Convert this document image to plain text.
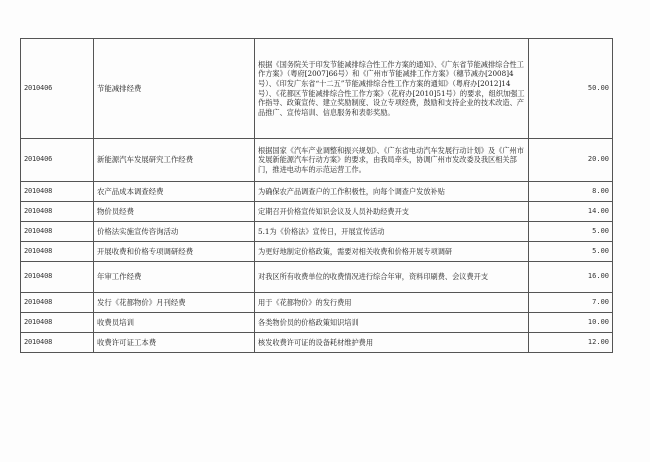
2010406	节能减排经费	根据《国务院关于印发节能减排综合性工作方案的通知》、《广东省节能减排综合性工作方案》（粤府[2007]66号）和《广州市节能减排工作方案》（穗节减办[2008]4号）、《印发广东省“十二五”节能减排综合性工作方案的通知》（粤府办[2012]14号）、《花都区节能减排综合性工作方案》（花府办[2010]51号）的要求，组织加强工作指导、政策宣传、建立奖励制度、设立专项经费，鼓励和支持企业的技术改造、产品推广、宣传培训、信息服务和表彰奖励。	50.00
2010406	新能源汽车发展研究工作经费	根据国家《汽车产业调整和振兴规划》、《广东省电动汽车发展行动计划》及《广州市发展新能源汽车行动方案》的要求，由我局牵头，协调广州市发改委及我区相关部门，推进电动车的示范运营工作。	20.00
2010408	农产品成本调查经费	为确保农产品调查户的工作积极性，向每个调查户发放补贴	8.00
2010408	物价员经费	定期召开价格宣传知识会议及人员补助经费开支	14.00
2010408	价格法实施宣传咨询活动	5.1为《价格法》宣传日，开展宣传活动	5.00
2010408	开展收费和价格专项调研经费	为更好地制定价格政策，需要对相关收费和价格开展专项调研	5.00
2010408	年审工作经费	对我区所有收费单位的收费情况进行综合年审，资料印刷费、会议费开支	16.00
2010408	发行《花都物价》月刊经费	用于《花都物价》的发行费用	7.00
2010408	收费员培训	各类物价员的价格政策知识培训	10.00
2010408	收费许可证工本费	核发收费许可证的设备耗材维护费用	12.00
